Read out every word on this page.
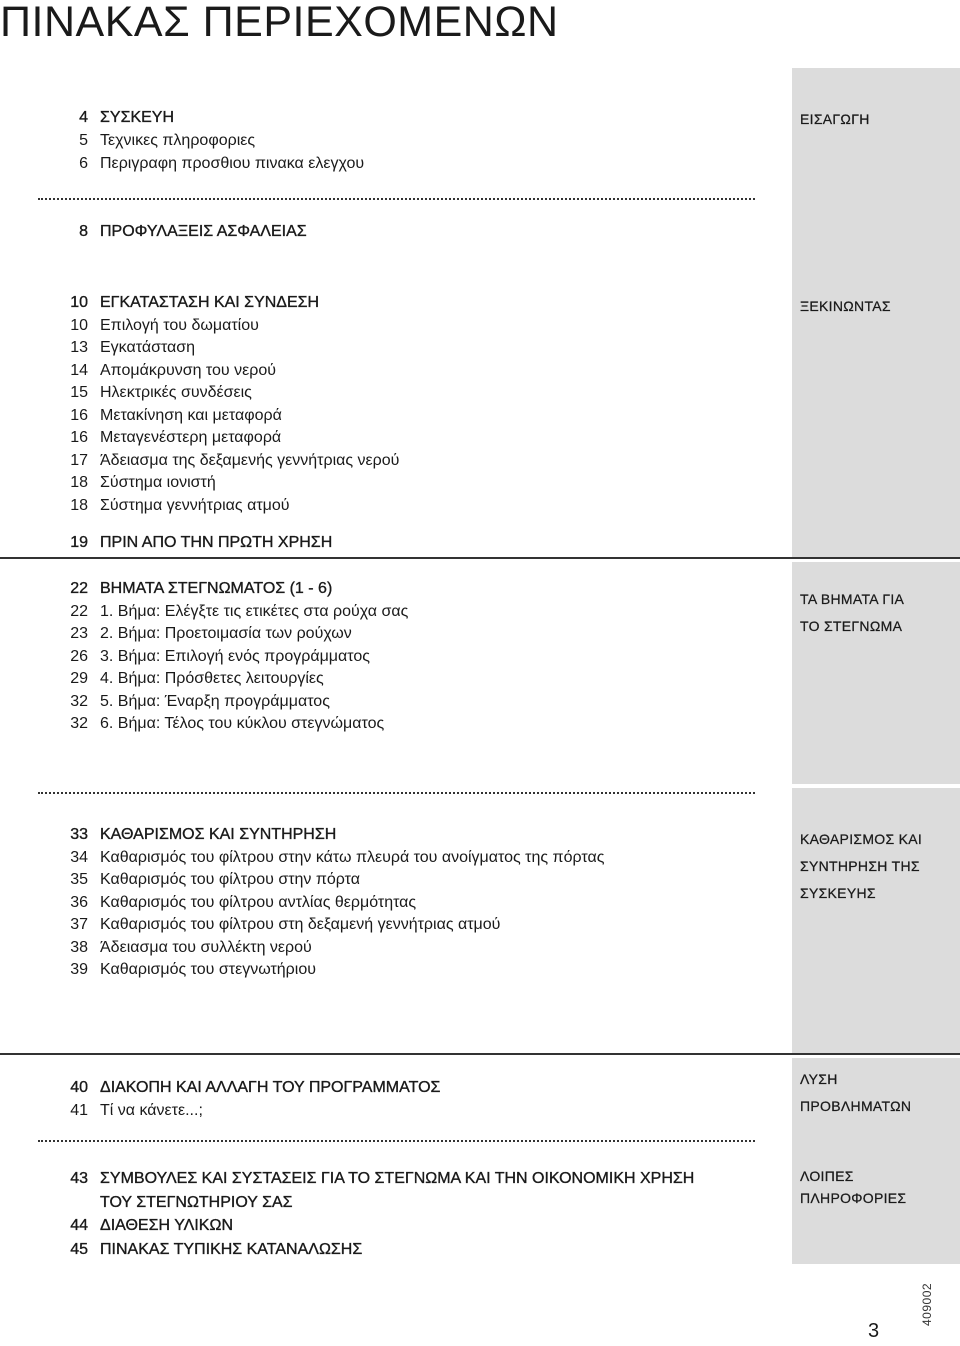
ΠΙΝΑΚΑΣ ΠΕΡΙΕΧΟΜΕΝΩΝ
ΕΙΣΑΓΩΓΗ
ΞΕΚΙΝΩΝΤΑΣ
ΤΑ ΒΗΜΑΤΑ ΓΙΑ
ΤΟ ΣΤΕΓΝΩΜΑ
ΚΑΘΑΡΙΣΜΟΣ ΚΑΙ
ΣΥΝΤΗΡΗΣΗ ΤΗΣ
ΣΥΣΚΕΥΗΣ
ΛΥΣΗ
ΠΡΟΒΛΗΜΑΤΩΝ
ΛΟΙΠΕΣ
ΠΛΗΡΟΦΟΡΙΕΣ
3
409002
4 ΣΥΣΚΕΥΗ
5 Τεχνικες πληροφοριες
6 Περιγραφη προσθιου πινακα ελεγχου
8 ΠΡΟΦΥΛΑΞΕΙΣ ΑΣΦΑΛΕΙΑΣ
10 ΕΓΚΑΤΑΣΤΑΣΗ ΚΑΙ ΣΥΝΔΕΣΗ
10 Επιλογή του δωματίου
13 Εγκατάσταση
14 Απομάκρυνση του νερού
15 Ηλεκτρικές συνδέσεις
16 Μετακίνηση και μεταφορά
16 Μεταγενέστερη μεταφορά
17 Άδειασμα της δεξαμενής γεννήτριας νερού
18 Σύστημα ιονιστή
18 Σύστημα γεννήτριας ατμού
19 ΠΡΙΝ ΑΠΟ ΤΗΝ ΠΡΩΤΗ ΧΡΗΣΗ
22 ΒΗΜΑΤΑ ΣΤΕΓΝΩΜΑΤΟΣ (1 - 6)
22 1. Βήμα: Ελέγξτε τις ετικέτες στα ρούχα σας
23 2. Βήμα: Προετοιμασία των ρούχων
26 3. Βήμα: Επιλογή ενός προγράμματος
29 4. Βήμα: Πρόσθετες λειτουργίες
32 5. Βήμα: Έναρξη προγράμματος
32 6. Βήμα: Τέλος του κύκλου στεγνώματος
33 ΚΑΘΑΡΙΣΜΟΣ ΚΑΙ ΣΥΝΤΗΡΗΣΗ
34 Καθαρισμός του φίλτρου στην κάτω πλευρά του ανοίγματος της πόρτας
35 Καθαρισμός του φίλτρου στην πόρτα
36 Καθαρισμός του φίλτρου αντλίας θερμότητας
37 Καθαρισμός του φίλτρου στη δεξαμενή γεννήτριας ατμού
38 Άδειασμα του συλλέκτη νερού
39 Καθαρισμός του στεγνωτήριου
40 ΔΙΑΚΟΠΗ ΚΑΙ ΑΛΛΑΓΗ ΤΟΥ ΠΡΟΓΡΑΜΜΑΤΟΣ
41 Τί να κάνετε...;
43 ΣΥΜΒΟΥΛΕΣ ΚΑΙ ΣΥΣΤΑΣΕΙΣ ΓΙΑ ΤΟ ΣΤΕΓΝΩΜΑ ΚΑΙ ΤΗΝ ΟΙΚΟΝΟΜΙΚΗ ΧΡΗΣΗ
ΤΟΥ ΣΤΕΓΝΩΤΗΡΙΟΥ ΣΑΣ
44 ΔΙΑΘΕΣΗ ΥΛΙΚΩΝ
45 ΠΙΝΑΚΑΣ ΤΥΠΙΚΗΣ ΚΑΤΑΝΑΛΩΣΗΣ
